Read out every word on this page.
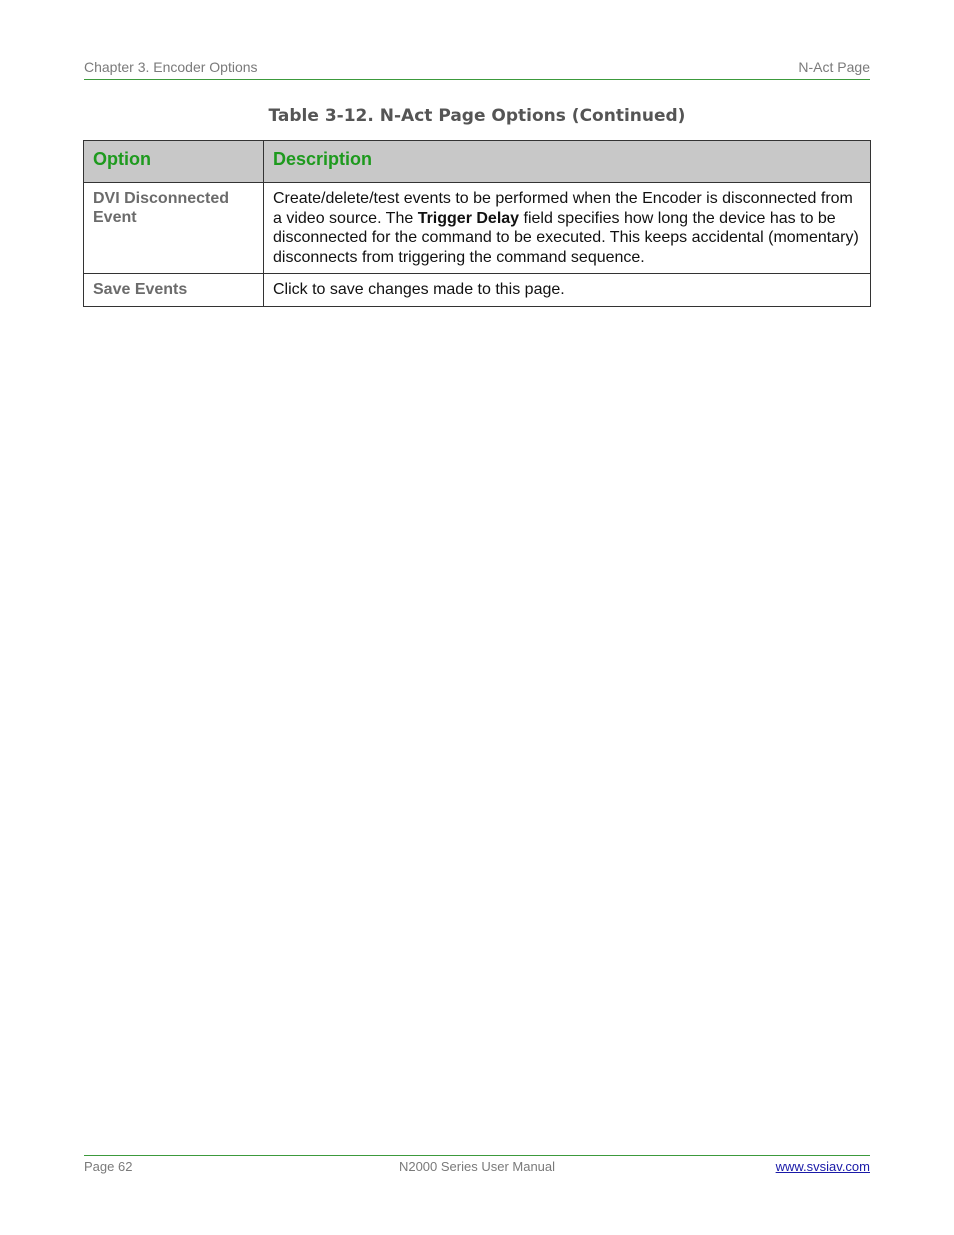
Chapter 3. Encoder Options	N-Act Page
Table 3-12. N-Act Page Options (Continued)
Option	Description
DVI Disconnected Event	Create/delete/test events to be performed when the Encoder is disconnected from a video source. The Trigger Delay field specifies how long the device has to be disconnected for the command to be executed. This keeps accidental (momentary) disconnects from triggering the command sequence.
Save Events	Click to save changes made to this page.
Page 62	N2000 Series User Manual	www.svsiav.com
